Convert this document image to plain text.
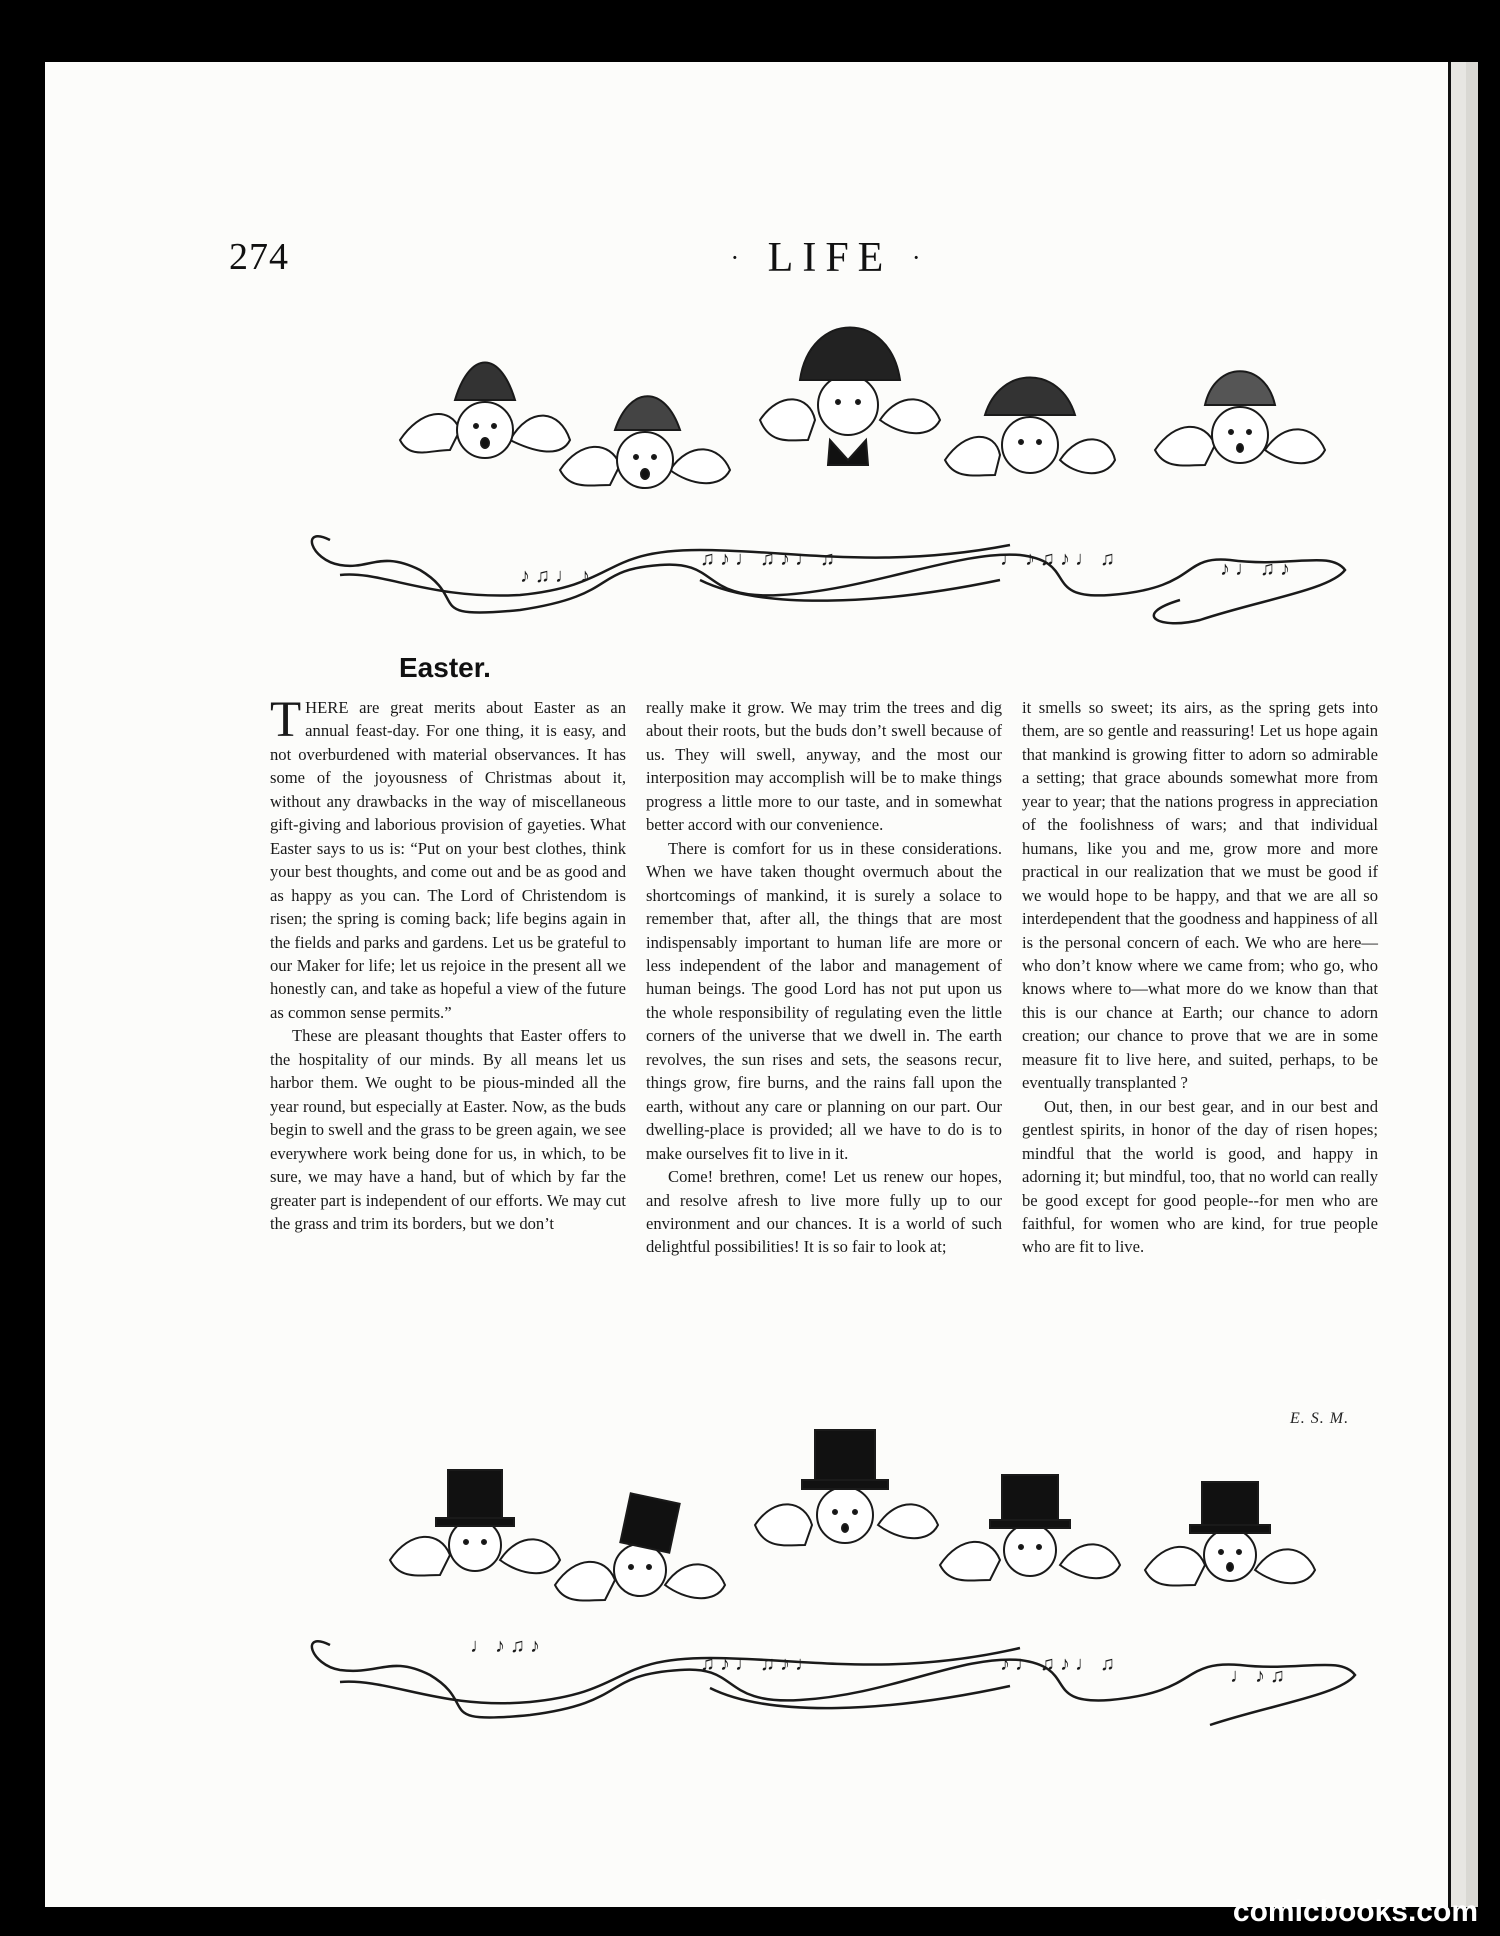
274	· LIFE ·
♪ ♫ ♩ ♪
♫ ♪ ♩ ♫ ♪ ♩ ♫	♩ ♪ ♫ ♪ ♩ ♫	♪ ♩ ♫ ♪
Easter.

THERE are great merits about Easter as an annual feast-day. For one thing, it is easy, and not overburdened with material observances. It has some of the joyousness of Christmas about it, without any drawbacks in the way of miscellaneous gift-giving and laborious provision of gayeties. What Easter says to us is: “Put on your best clothes, think your best thoughts, and come out and be as good and as happy as you can. The Lord of Christendom is risen; the spring is coming back; life begins again in the fields and parks and gardens. Let us be grateful to our Maker for life; let us rejoice in the present all we honestly can, and take as hopeful a view of the future as common sense permits.”

These are pleasant thoughts that Easter offers to the hospitality of our minds. By all means let us harbor them. We ought to be pious-minded all the year round, but especially at Easter. Now, as the buds begin to swell and the grass to be green again, we see everywhere work being done for us, in which, to be sure, we may have a hand, but of which by far the greater part is independent of our efforts. We may cut the grass and trim its borders, but we don’t

really make it grow. We may trim the trees and dig about their roots, but the buds don’t swell because of us. They will swell, anyway, and the most our interposition may accomplish will be to make things progress a little more to our taste, and in somewhat better accord with our convenience.

There is comfort for us in these considerations. When we have taken thought overmuch about the shortcomings of mankind, it is surely a solace to remember that, after all, the things that are most indispensably important to human life are more or less independent of the labor and management of human beings. The good Lord has not put upon us the whole responsibility of regulating even the little corners of the universe that we dwell in. The earth revolves, the sun rises and sets, the seasons recur, things grow, fire burns, and the rains fall upon the earth, without any care or planning on our part. Our dwelling-place is provided; all we have to do is to make ourselves fit to live in it.

Come! brethren, come! Let us renew our hopes, and resolve afresh to live more fully up to our environment and our chances. It is a world of such delightful possibilities! It is so fair to look at;

it smells so sweet; its airs, as the spring gets into them, are so gentle and reassuring! Let us hope again that mankind is growing fitter to adorn so admirable a setting; that grace abounds somewhat more from year to year; that the nations progress in appreciation of the foolishness of wars; and that individual humans, like you and me, grow more and more practical in our realization that we must be good if we would hope to be happy, and that we are all so interdependent that the goodness and happiness of all is the personal concern of each. We who are here—who don’t know where we came from; who go, who knows where to—what more do we know than that this is our chance at Earth; our chance to adorn creation; our chance to prove that we are in some measure fit to live here, and suited, perhaps, to be eventually transplanted ?

Out, then, in our best gear, and in our best and gentlest spirits, in honor of the day of risen hopes; mindful that the world is good, and happy in adorning it; but mindful, too, that no world can really be good except for good people--for men who are faithful, for women who are kind, for true people who are fit to live.

E. S. M.
♩ ♪ ♫ ♪
♫ ♪ ♩ ♫ ♪ ♩	♪ ♩ ♫ ♪ ♩ ♫
♩ ♪ ♫
comicbooks.com
